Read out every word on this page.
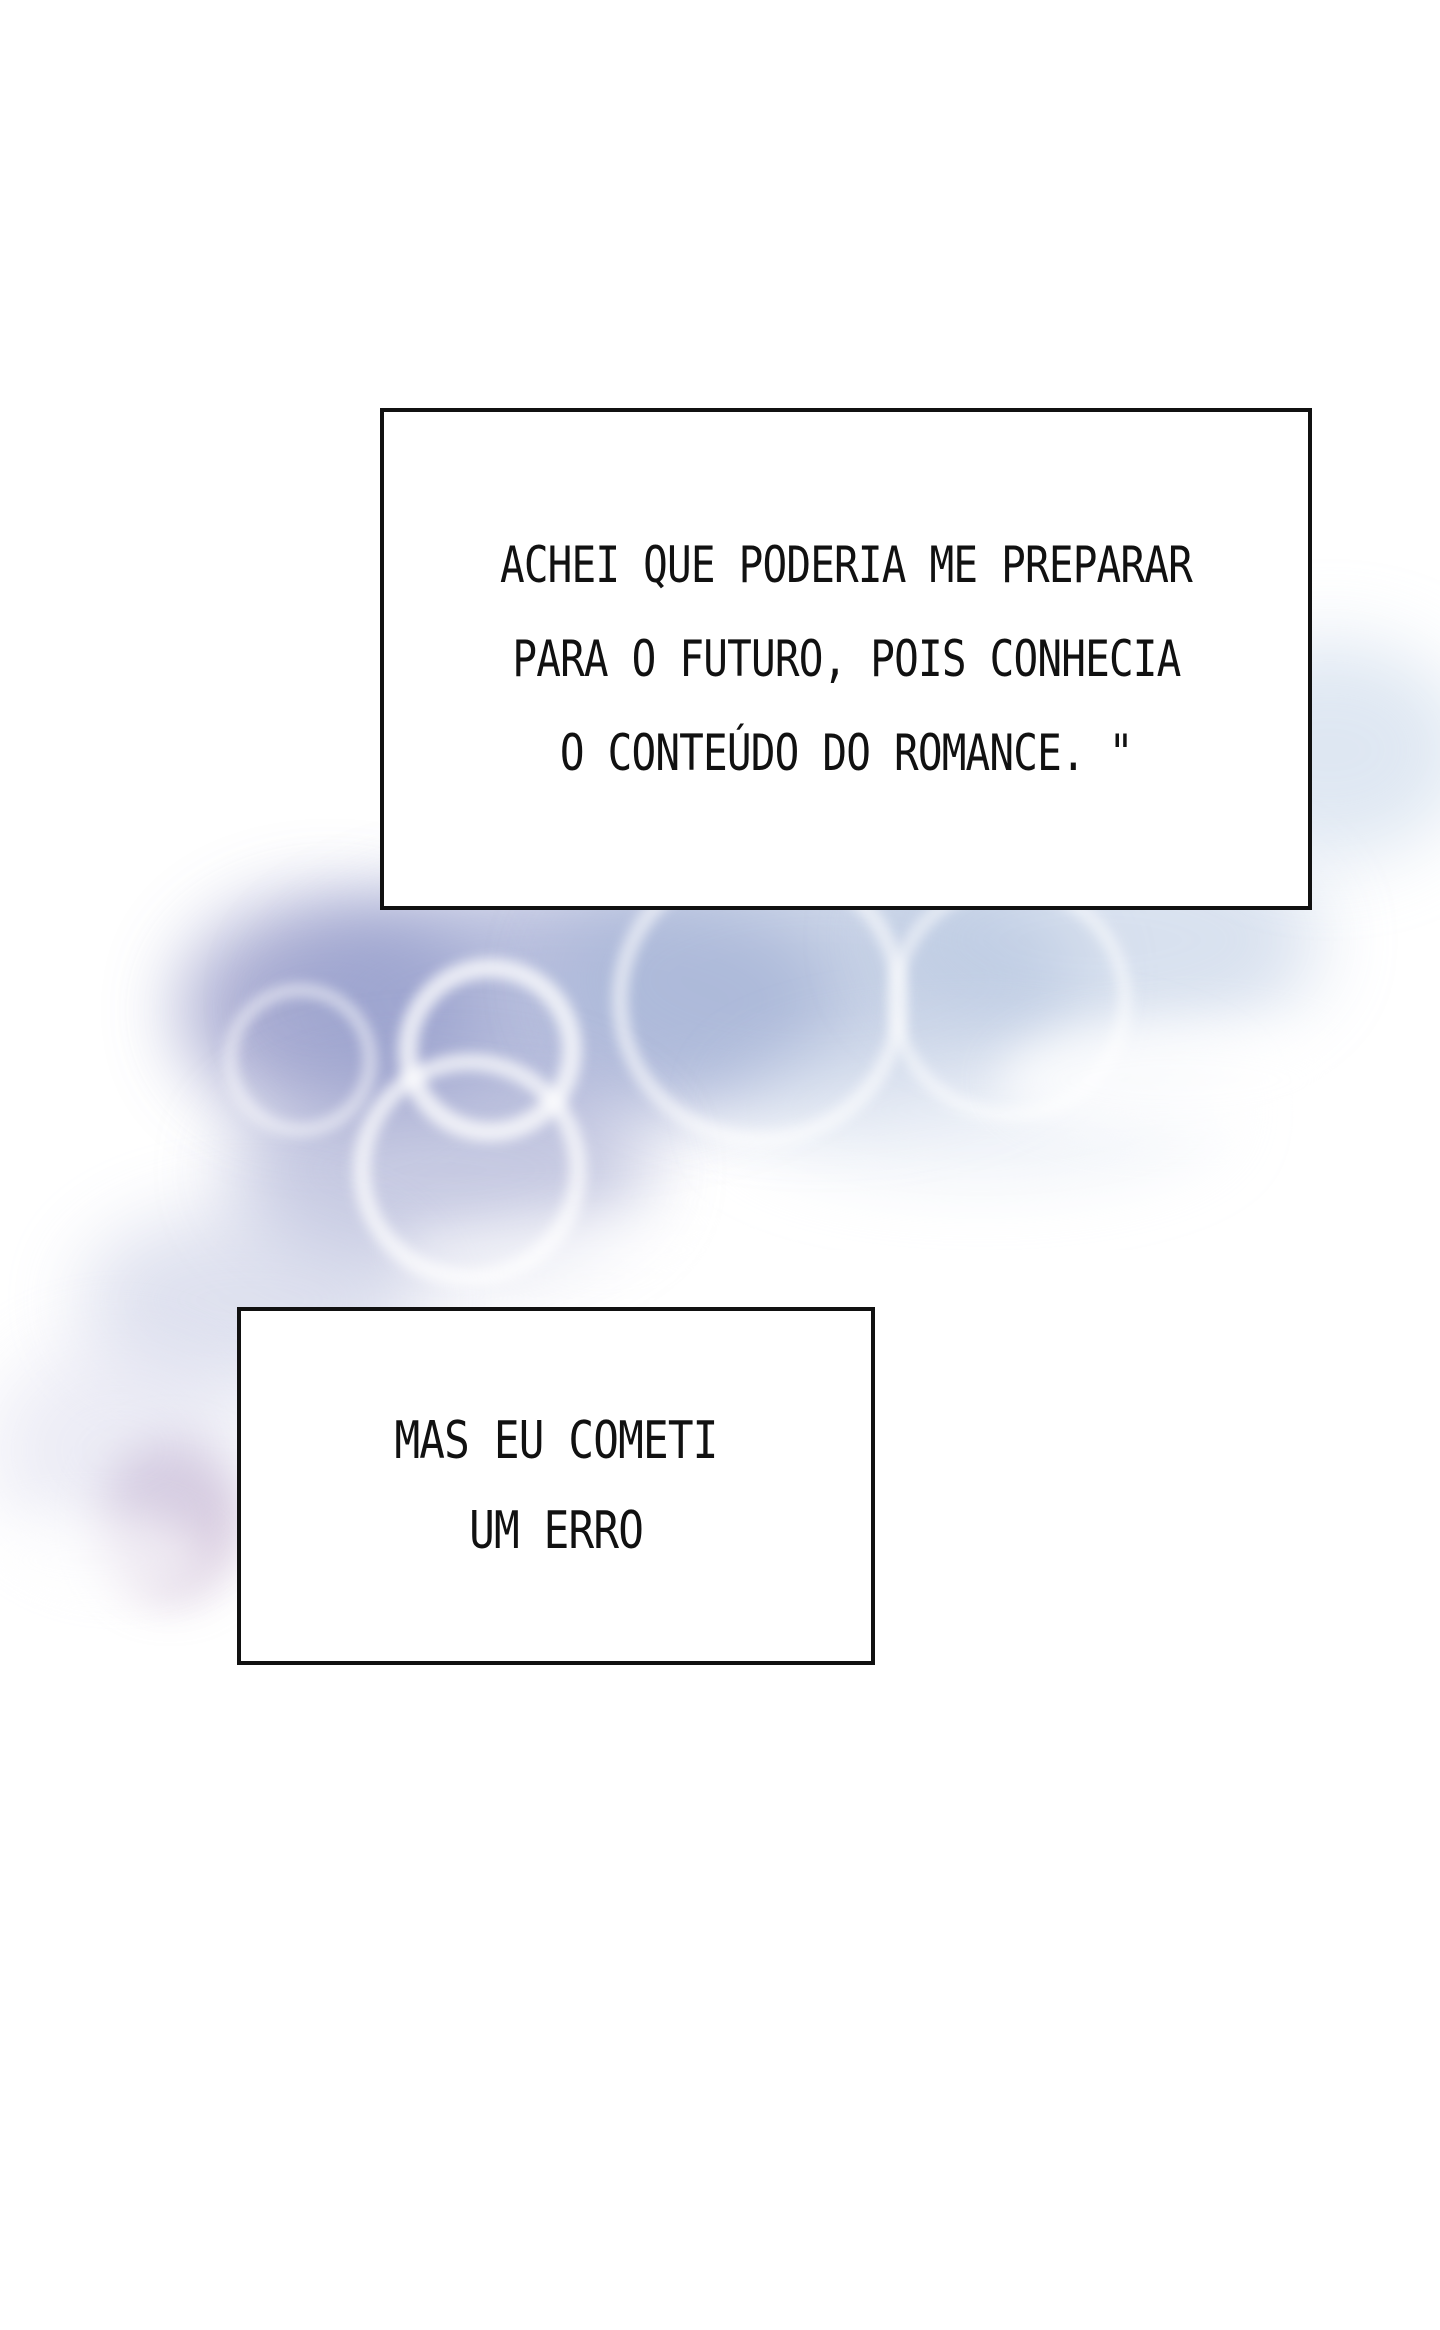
ACHEI QUE PODERIA ME PREPARAR
PARA O FUTURO, POIS CONHECIA
O CONTEÚDO DO ROMANCE. "
MAS EU COMETI
UM ERRO
